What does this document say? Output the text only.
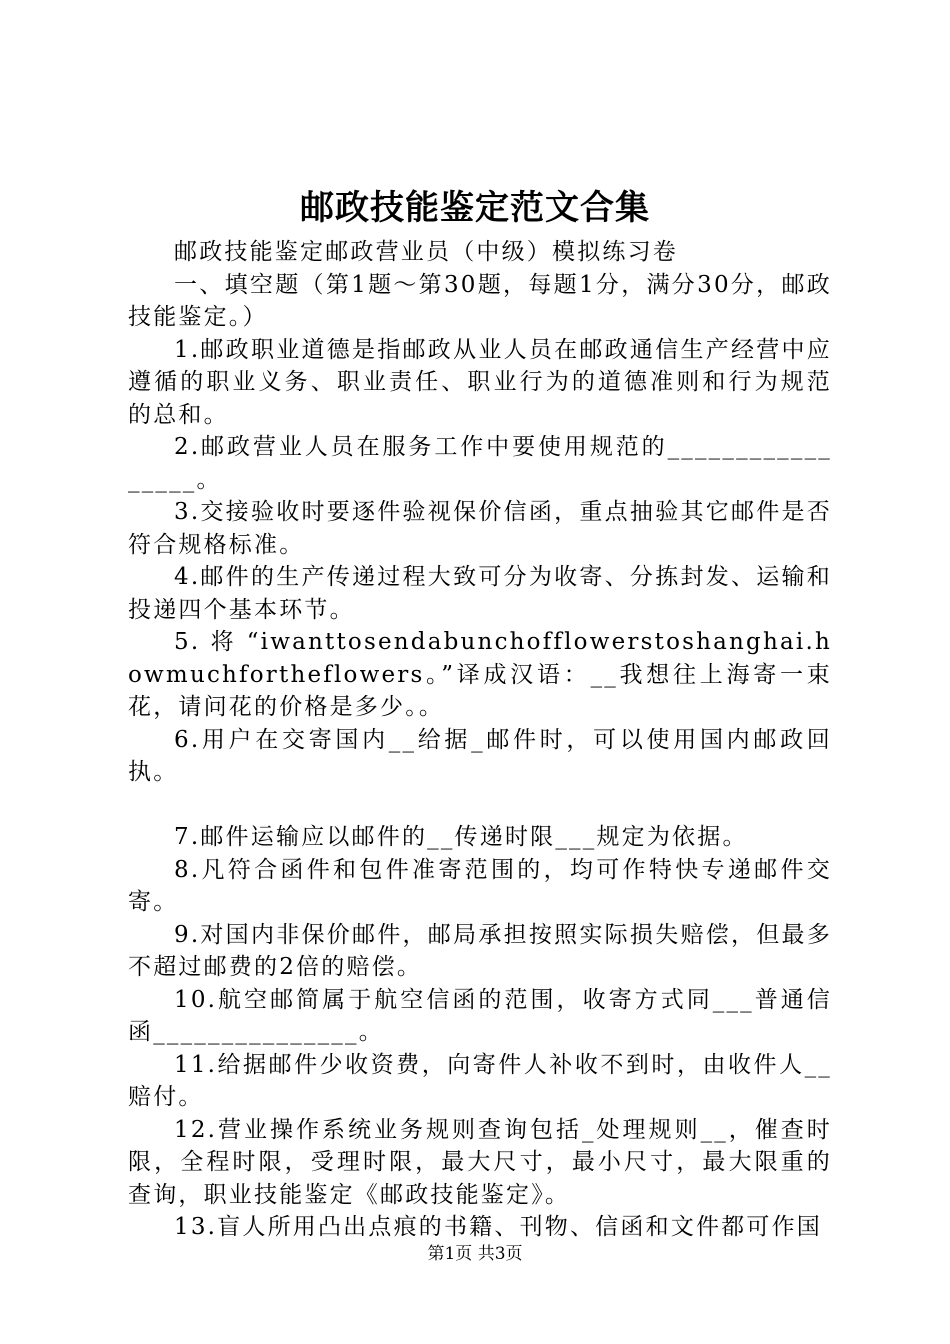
邮政技能鉴定范文合集

邮政技能鉴定邮政营业员（中级）模拟练习卷

一、填空题（第1题～第30题，每题1分，满分30分，邮政技能鉴定。）

1.邮政职业道德是指邮政从业人员在邮政通信生产经营中应遵循的职业义务、职业责任、职业行为的道德准则和行为规范的总和。

2.邮政营业人员在服务工作中要使用规范的_________________。

3.交接验收时要逐件验视保价信函，重点抽验其它邮件是否符合规格标准。

4.邮件的生产传递过程大致可分为收寄、分拣封发、运输和投递四个基本环节。

5. 将 “iwanttosendabunchofflowerstoshanghai.howmuchfortheflowers。”译成汉语：__我想往上海寄一束花，请问花的价格是多少。。

6.用户在交寄国内__给据_邮件时，可以使用国内邮政回执。

7.邮件运输应以邮件的__传递时限___规定为依据。

8.凡符合函件和包件准寄范围的，均可作特快专递邮件交寄。

9.对国内非保价邮件，邮局承担按照实际损失赔偿，但最多不超过邮费的2倍的赔偿。

10.航空邮简属于航空信函的范围，收寄方式同___普通信函_______________。

11.给据邮件少收资费，向寄件人补收不到时，由收件人__赔付。

12.营业操作系统业务规则查询包括_处理规则__，催查时限，全程时限，受理时限，最大尺寸，最小尺寸，最大限重的查询，职业技能鉴定《邮政技能鉴定》。

13.盲人所用凸出点痕的书籍、刊物、信函和文件都可作国

第1页 共3页
